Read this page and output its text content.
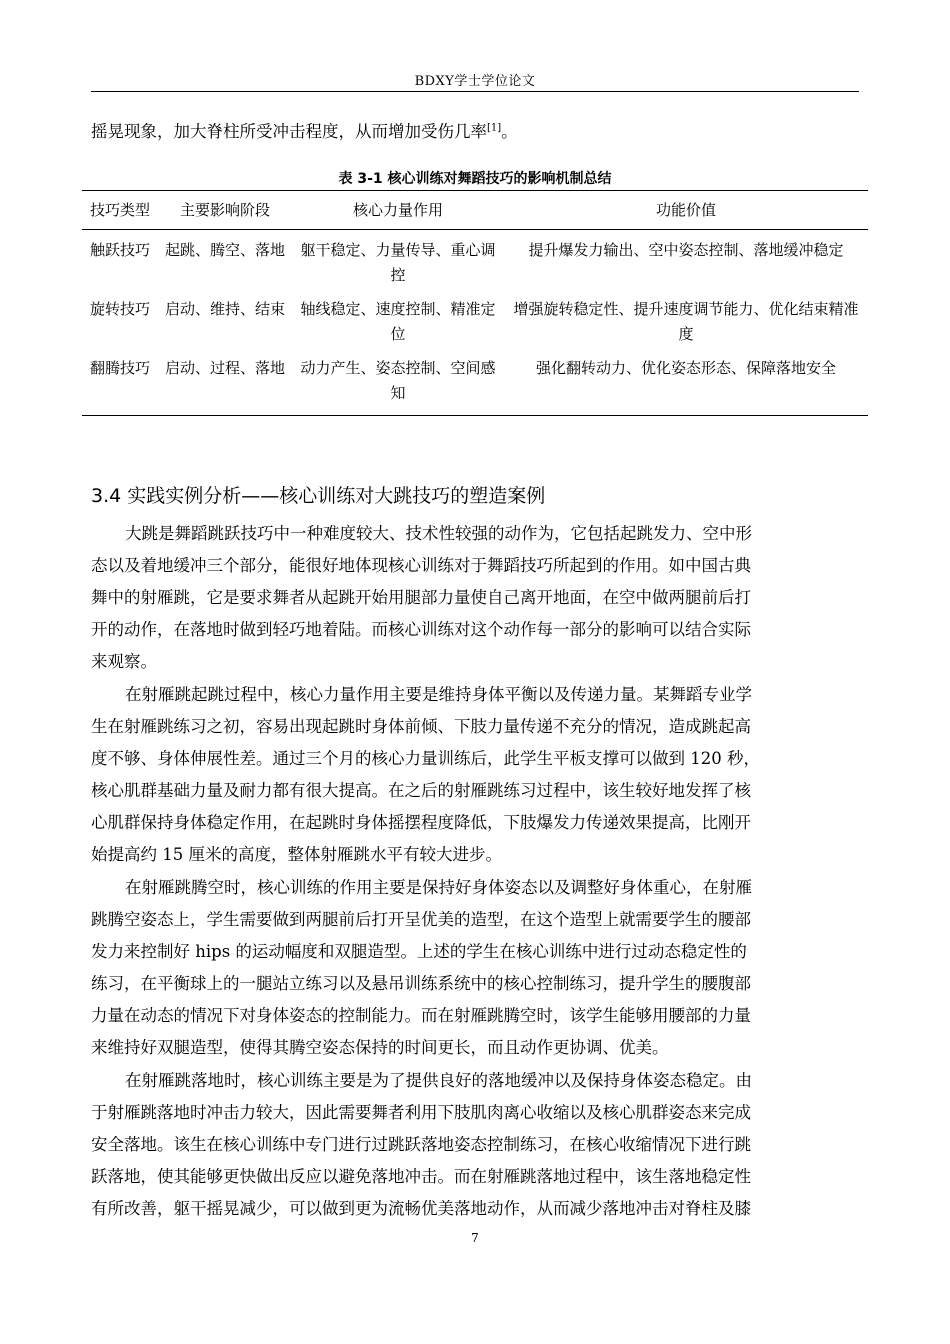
BDXY学士学位论文
摇晃现象，加大脊柱所受冲击程度，从而增加受伤几率[1]。
表 3-1 核心训练对舞蹈技巧的影响机制总结
技巧类型	主要影响阶段	核心力量作用	功能价值
触跃技巧	起跳、腾空、落地	躯干稳定、力量传导、重心调控	提升爆发力输出、空中姿态控制、落地缓冲稳定
旋转技巧	启动、维持、结束	轴线稳定、速度控制、精准定位	增强旋转稳定性、提升速度调节能力、优化结束精准度
翻腾技巧	启动、过程、落地	动力产生、姿态控制、空间感知	强化翻转动力、优化姿态形态、保障落地安全
3.4 实践实例分析——核心训练对大跳技巧的塑造案例
大跳是舞蹈跳跃技巧中一种难度较大、技术性较强的动作为，它包括起跳发力、空中形
态以及着地缓冲三个部分，能很好地体现核心训练对于舞蹈技巧所起到的作用。如中国古典
舞中的射雁跳，它是要求舞者从起跳开始用腿部力量使自己离开地面，在空中做两腿前后打
开的动作，在落地时做到轻巧地着陆。而核心训练对这个动作每一部分的影响可以结合实际
来观察。
在射雁跳起跳过程中，核心力量作用主要是维持身体平衡以及传递力量。某舞蹈专业学
生在射雁跳练习之初，容易出现起跳时身体前倾、下肢力量传递不充分的情况，造成跳起高
度不够、身体伸展性差。通过三个月的核心力量训练后，此学生平板支撑可以做到 120 秒，
核心肌群基础力量及耐力都有很大提高。在之后的射雁跳练习过程中，该生较好地发挥了核
心肌群保持身体稳定作用，在起跳时身体摇摆程度降低，下肢爆发力传递效果提高，比刚开
始提高约 15 厘米的高度，整体射雁跳水平有较大进步。
在射雁跳腾空时，核心训练的作用主要是保持好身体姿态以及调整好身体重心，在射雁
跳腾空姿态上，学生需要做到两腿前后打开呈优美的造型，在这个造型上就需要学生的腰部
发力来控制好 hips 的运动幅度和双腿造型。上述的学生在核心训练中进行过动态稳定性的
练习，在平衡球上的一腿站立练习以及悬吊训练系统中的核心控制练习，提升学生的腰腹部
力量在动态的情况下对身体姿态的控制能力。而在射雁跳腾空时，该学生能够用腰部的力量
来维持好双腿造型，使得其腾空姿态保持的时间更长，而且动作更协调、优美。
在射雁跳落地时，核心训练主要是为了提供良好的落地缓冲以及保持身体姿态稳定。由
于射雁跳落地时冲击力较大，因此需要舞者利用下肢肌肉离心收缩以及核心肌群姿态来完成
安全落地。该生在核心训练中专门进行过跳跃落地姿态控制练习，在核心收缩情况下进行跳
跃落地，使其能够更快做出反应以避免落地冲击。而在射雁跳落地过程中，该生落地稳定性
有所改善，躯干摇晃减少，可以做到更为流畅优美落地动作，从而减少落地冲击对脊柱及膝
7
